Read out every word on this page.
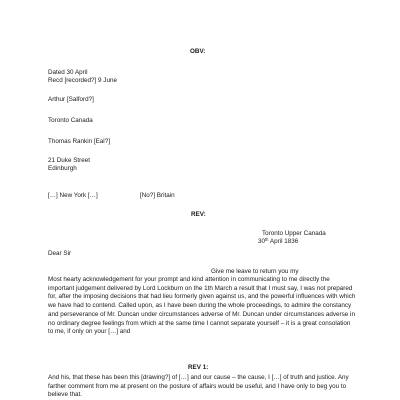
OBV:
Dated 30 April
Recd [recorded?] 9 June
Arthur [Salford?]
Toronto Canada
Thomas Rankin [Eal?]
21 Duke Street
Edinburgh
[…] New York […]	[No?] Britain
REV:
Toronto Upper Canada
30th April 1836
Dear Sir
Give me leave to return you my
Most hearty acknowledgement for your prompt and kind attention in communicating to me directly the important judgement delivered by Lord Lockburn on the 1th March a result that I must say, I was not prepared for, after the imposing decisions that had lieu formerly given against us, and the powerful influences with which we have had to contend. Called upon, as I have been during the whole proceedings, to admire the constancy and perseverance of Mr. Duncan under circumstances adverse of Mr. Duncan under circumstances adverse in no ordinary degree feelings from which at the same time I cannot separate yourself – it is a great consolation to me, if only on your […] and
REV 1:
And his, that these has been this [drawing?] of […] and our cause – the cause, I […] of truth and justice. Any farther comment from me at present on the posture of affairs would be useful, and I have only to beg you to believe that.
